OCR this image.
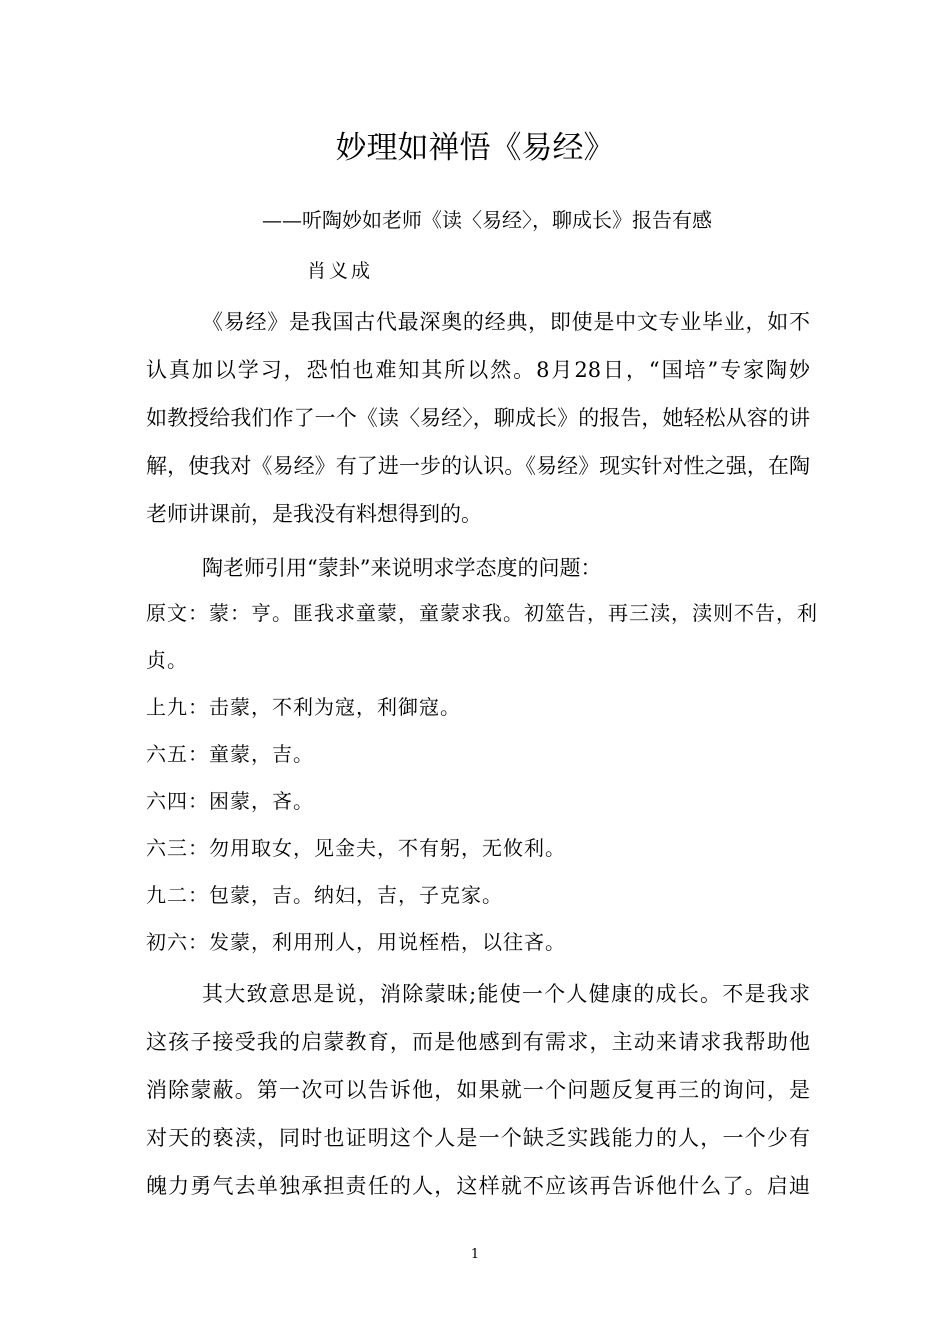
妙理如禅悟《易经》
——听陶妙如老师《读〈易经〉，聊成长》报告有感
肖义成
《易经》是我国古代最深奥的经典，即使是中文专业毕业，如不
认真加以学习，恐怕也难知其所以然。8月28日，“国培”专家陶妙
如教授给我们作了一个《读〈易经〉，聊成长》的报告，她轻松从容的讲
解，使我对《易经》有了进一步的认识。《易经》现实针对性之强，在陶
老师讲课前，是我没有料想得到的。
陶老师引用“蒙卦”来说明求学态度的问题：
原文：蒙：亨。匪我求童蒙，童蒙求我。初筮告，再三渎，渎则不告，利
贞。
上九：击蒙，不利为寇，利御寇。
六五：童蒙，吉。
六四：困蒙，吝。
六三：勿用取女，见金夫，不有躬，无攸利。
九二：包蒙，吉。纳妇，吉，子克家。
初六：发蒙，利用刑人，用说桎梏，以往吝。
其大致意思是说，消除蒙昧;能使一个人健康的成长。不是我求
这孩子接受我的启蒙教育，而是他感到有需求，主动来请求我帮助他
消除蒙蔽。第一次可以告诉他，如果就一个问题反复再三的询问，是
对天的亵渎，同时也证明这个人是一个缺乏实践能力的人，一个少有
魄力勇气去单独承担责任的人，这样就不应该再告诉他什么了。启迪
1
